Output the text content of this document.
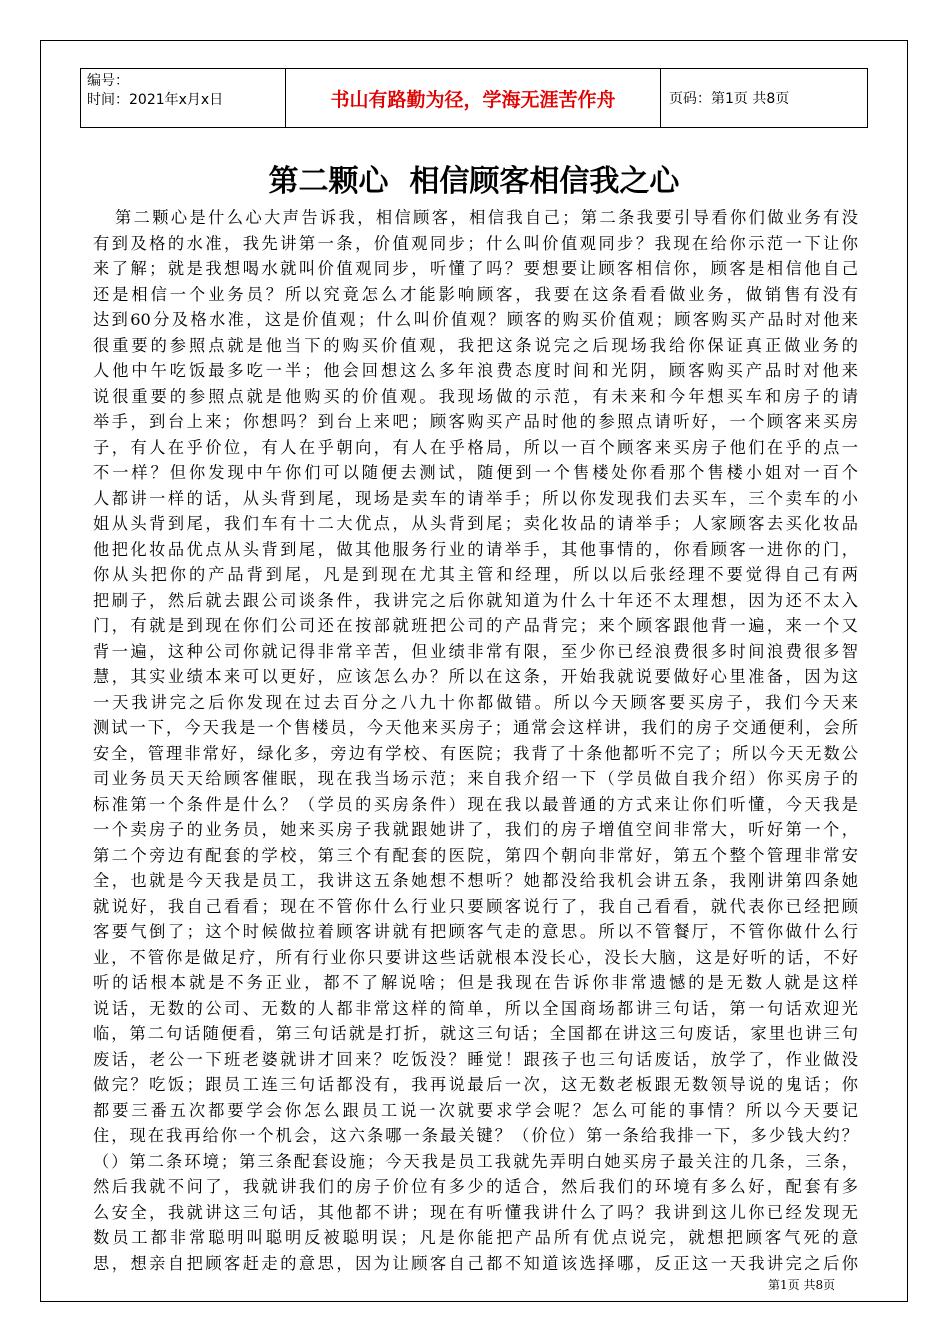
编号：
时间：2021年x月x日	书山有路勤为径，学海无涯苦作舟	页码：第1页 共8页
第二颗心  相信顾客相信我之心
第二颗心是什么心大声告诉我，相信顾客，相信我自己；第二条我要引导看你们做业务有没
有到及格的水准，我先讲第一条，价值观同步；什么叫价值观同步？我现在给你示范一下让你
来了解；就是我想喝水就叫价值观同步，听懂了吗？要想要让顾客相信你，顾客是相信他自己
还是相信一个业务员？所以究竟怎么才能影响顾客，我要在这条看看做业务，做销售有没有
达到60分及格水准，这是价值观；什么叫价值观？顾客的购买价值观；顾客购买产品时对他来
很重要的参照点就是他当下的购买价值观，我把这条说完之后现场我给你保证真正做业务的
人他中午吃饭最多吃一半；他会回想这么多年浪费态度时间和光阴，顾客购买产品时对他来
说很重要的参照点就是他购买的价值观。我现场做的示范，有未来和今年想买车和房子的请
举手，到台上来；你想吗？到台上来吧；顾客购买产品时他的参照点请听好，一个顾客来买房
子，有人在乎价位，有人在乎朝向，有人在乎格局，所以一百个顾客来买房子他们在乎的点一
不一样？但你发现中午你们可以随便去测试，随便到一个售楼处你看那个售楼小姐对一百个
人都讲一样的话，从头背到尾，现场是卖车的请举手；所以你发现我们去买车，三个卖车的小
姐从头背到尾，我们车有十二大优点，从头背到尾；卖化妆品的请举手；人家顾客去买化妆品
他把化妆品优点从头背到尾，做其他服务行业的请举手，其他事情的，你看顾客一进你的门，
你从头把你的产品背到尾，凡是到现在尤其主管和经理，所以以后张经理不要觉得自己有两
把刷子，然后就去跟公司谈条件，我讲完之后你就知道为什么十年还不太理想，因为还不太入
门，有就是到现在你们公司还在按部就班把公司的产品背完；来个顾客跟他背一遍，来一个又
背一遍，这种公司你就记得非常辛苦，但业绩非常有限，至少你已经浪费很多时间浪费很多智
慧，其实业绩本来可以更好，应该怎么办？所以在这条，开始我就说要做好心里准备，因为这
一天我讲完之后你发现在过去百分之八九十你都做错。所以今天顾客要买房子，我们今天来
测试一下，今天我是一个售楼员，今天他来买房子；通常会这样讲，我们的房子交通便利，会所
安全，管理非常好，绿化多，旁边有学校、有医院；我背了十条他都听不完了；所以今天无数公
司业务员天天给顾客催眠，现在我当场示范；来自我介绍一下（学员做自我介绍）你买房子的
标准第一个条件是什么？（学员的买房条件）现在我以最普通的方式来让你们听懂，今天我是
一个卖房子的业务员，她来买房子我就跟她讲了，我们的房子增值空间非常大，听好第一个，
第二个旁边有配套的学校，第三个有配套的医院，第四个朝向非常好，第五个整个管理非常安
全，也就是今天我是员工，我讲这五条她想不想听？她都没给我机会讲五条，我刚讲第四条她
就说好，我自己看看；现在不管你什么行业只要顾客说行了，我自己看看，就代表你已经把顾
客要气倒了；这个时候做拉着顾客讲就有把顾客气走的意思。所以不管餐厅，不管你做什么行
业，不管你是做足疗，所有行业你只要讲这些话就根本没长心，没长大脑，这是好听的话，不好
听的话根本就是不务正业，都不了解说啥；但是我现在告诉你非常遗憾的是无数人就是这样
说话，无数的公司、无数的人都非常这样的简单，所以全国商场都讲三句话，第一句话欢迎光
临，第二句话随便看，第三句话就是打折，就这三句话；全国都在讲这三句废话，家里也讲三句
废话，老公一下班老婆就讲才回来？吃饭没？睡觉！跟孩子也三句话废话，放学了，作业做没
做完？吃饭；跟员工连三句话都没有，我再说最后一次，这无数老板跟无数领导说的鬼话；你
都要三番五次都要学会你怎么跟员工说一次就要求学会呢？怎么可能的事情？所以今天要记
住，现在我再给你一个机会，这六条哪一条最关键？（价位）第一条给我排一下，多少钱大约？
（）第二条环境；第三条配套设施；今天我是员工我就先弄明白她买房子最关注的几条，三条，
然后我就不问了，我就讲我们的房子价位有多少的适合，然后我们的环境有多么好，配套有多
么安全，我就讲这三句话，其他都不讲；现在有听懂我讲什么了吗？我讲到这儿你已经发现无
数员工都非常聪明叫聪明反被聪明误；凡是你能把产品所有优点说完，就想把顾客气死的意
思，想亲自把顾客赶走的意思，因为让顾客自己都不知道该选择哪，反正这一天我讲完之后你
第1页 共8页
